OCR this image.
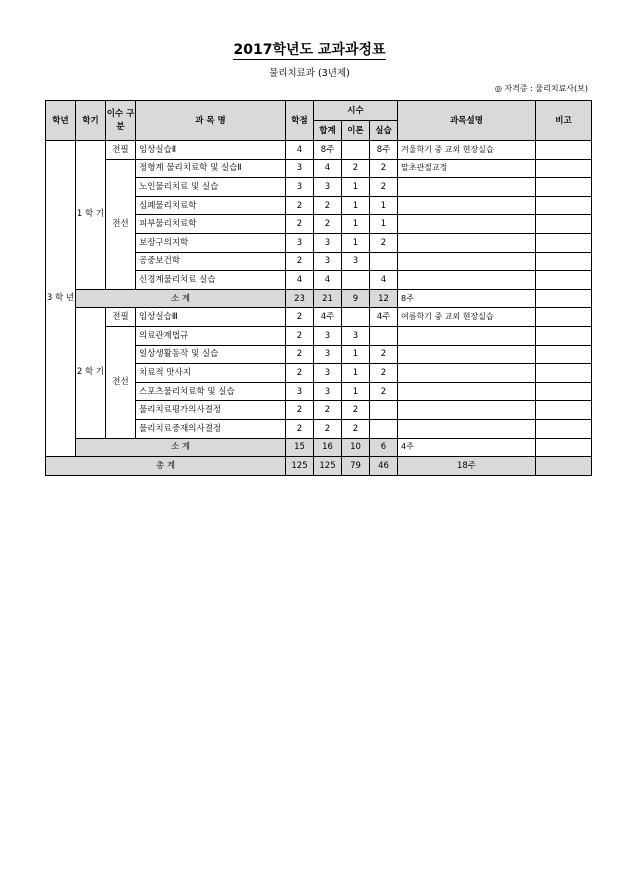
2017학년도 교과과정표
물리치료과 (3년제)
◎ 자격증 : 물리치료사(보)
학년	학기	이수 구분	과 목 명	학점	시수			과목설명	비고
					합계	이론	실습		
3 학 년	1 학 기	전필	임상실습Ⅱ	4	8주		8주	겨울학기 중 교외 현장실습	
		전선	정형계 물리치료학 및 실습Ⅱ	3	4	2	2	말초관절교정	
			노인물리치료 및 실습	3	3	1	2		
			심폐물리치료학	2	2	1	1		
			피부물리치료학	2	2	1	1		
			보장구의지학	3	3	1	2		
			공중보건학	2	3	3			
			신경계물리치료 실습	4	4		4		
	소 계			23	21	9	12	8주	
	2 학 기	전필	임상실습Ⅲ	2	4주		4주	여름학기 중 교외 현장실습	
		전선	의료관계법규	2	3	3			
			일상생활동작 및 실습	2	3	1	2		
			치료적 맛사지	2	3	1	2		
			스포츠물리치료학 및 실습	3	3	1	2		
			물리치료평가의사결정	2	2	2			
			물리치료중재의사결정	2	2	2			
	소 계			15	16	10	6	4주	
총 계				125	125	79	46	18주	
